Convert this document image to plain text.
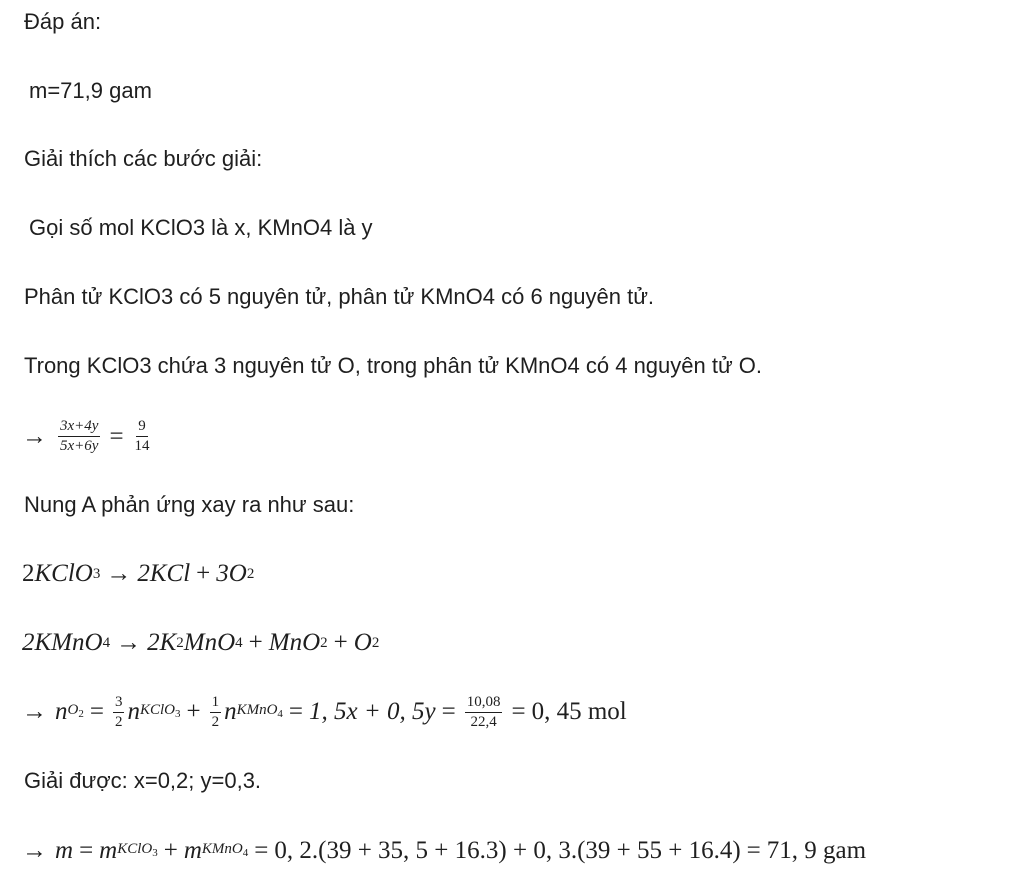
Đáp án:
m=71,9 gam
Giải thích các bước giải:
Gọi số mol KClO3 là x, KMnO4 là y
Phân tử KClO3 có 5 nguyên tử, phân tử KMnO4 có 6 nguyên tử.
Trong KClO3 chứa 3 nguyên tử O, trong phân tử KMnO4 có 4 nguyên tử O.
→ $\frac{3x+4y}{5x+6y} = \frac{9}{14}$
Nung A phản ứng xay ra như sau:
2 KClO 3 → 2KCl + 3O 2
2KMnO 4 → 2K 2 MnO 4 + MnO 2 + O 2
→ n $O_2 = \frac{3}{2}$ n KClO$_3$ + $\frac{1}{2}$ n KMnO$_4$ = 1, 5x + 0, $5y = \frac{10,08}{22,4} = 0$, 45 mol
Giải được: x=0,2; y=0,3.
→ m = m KClO$_3$ + m KMnO$_4$ = 0, 2.(39 + 35, 5 + 16.3) + 0, 3.(39 + 55 + 16.4) = 71, 9 gam
